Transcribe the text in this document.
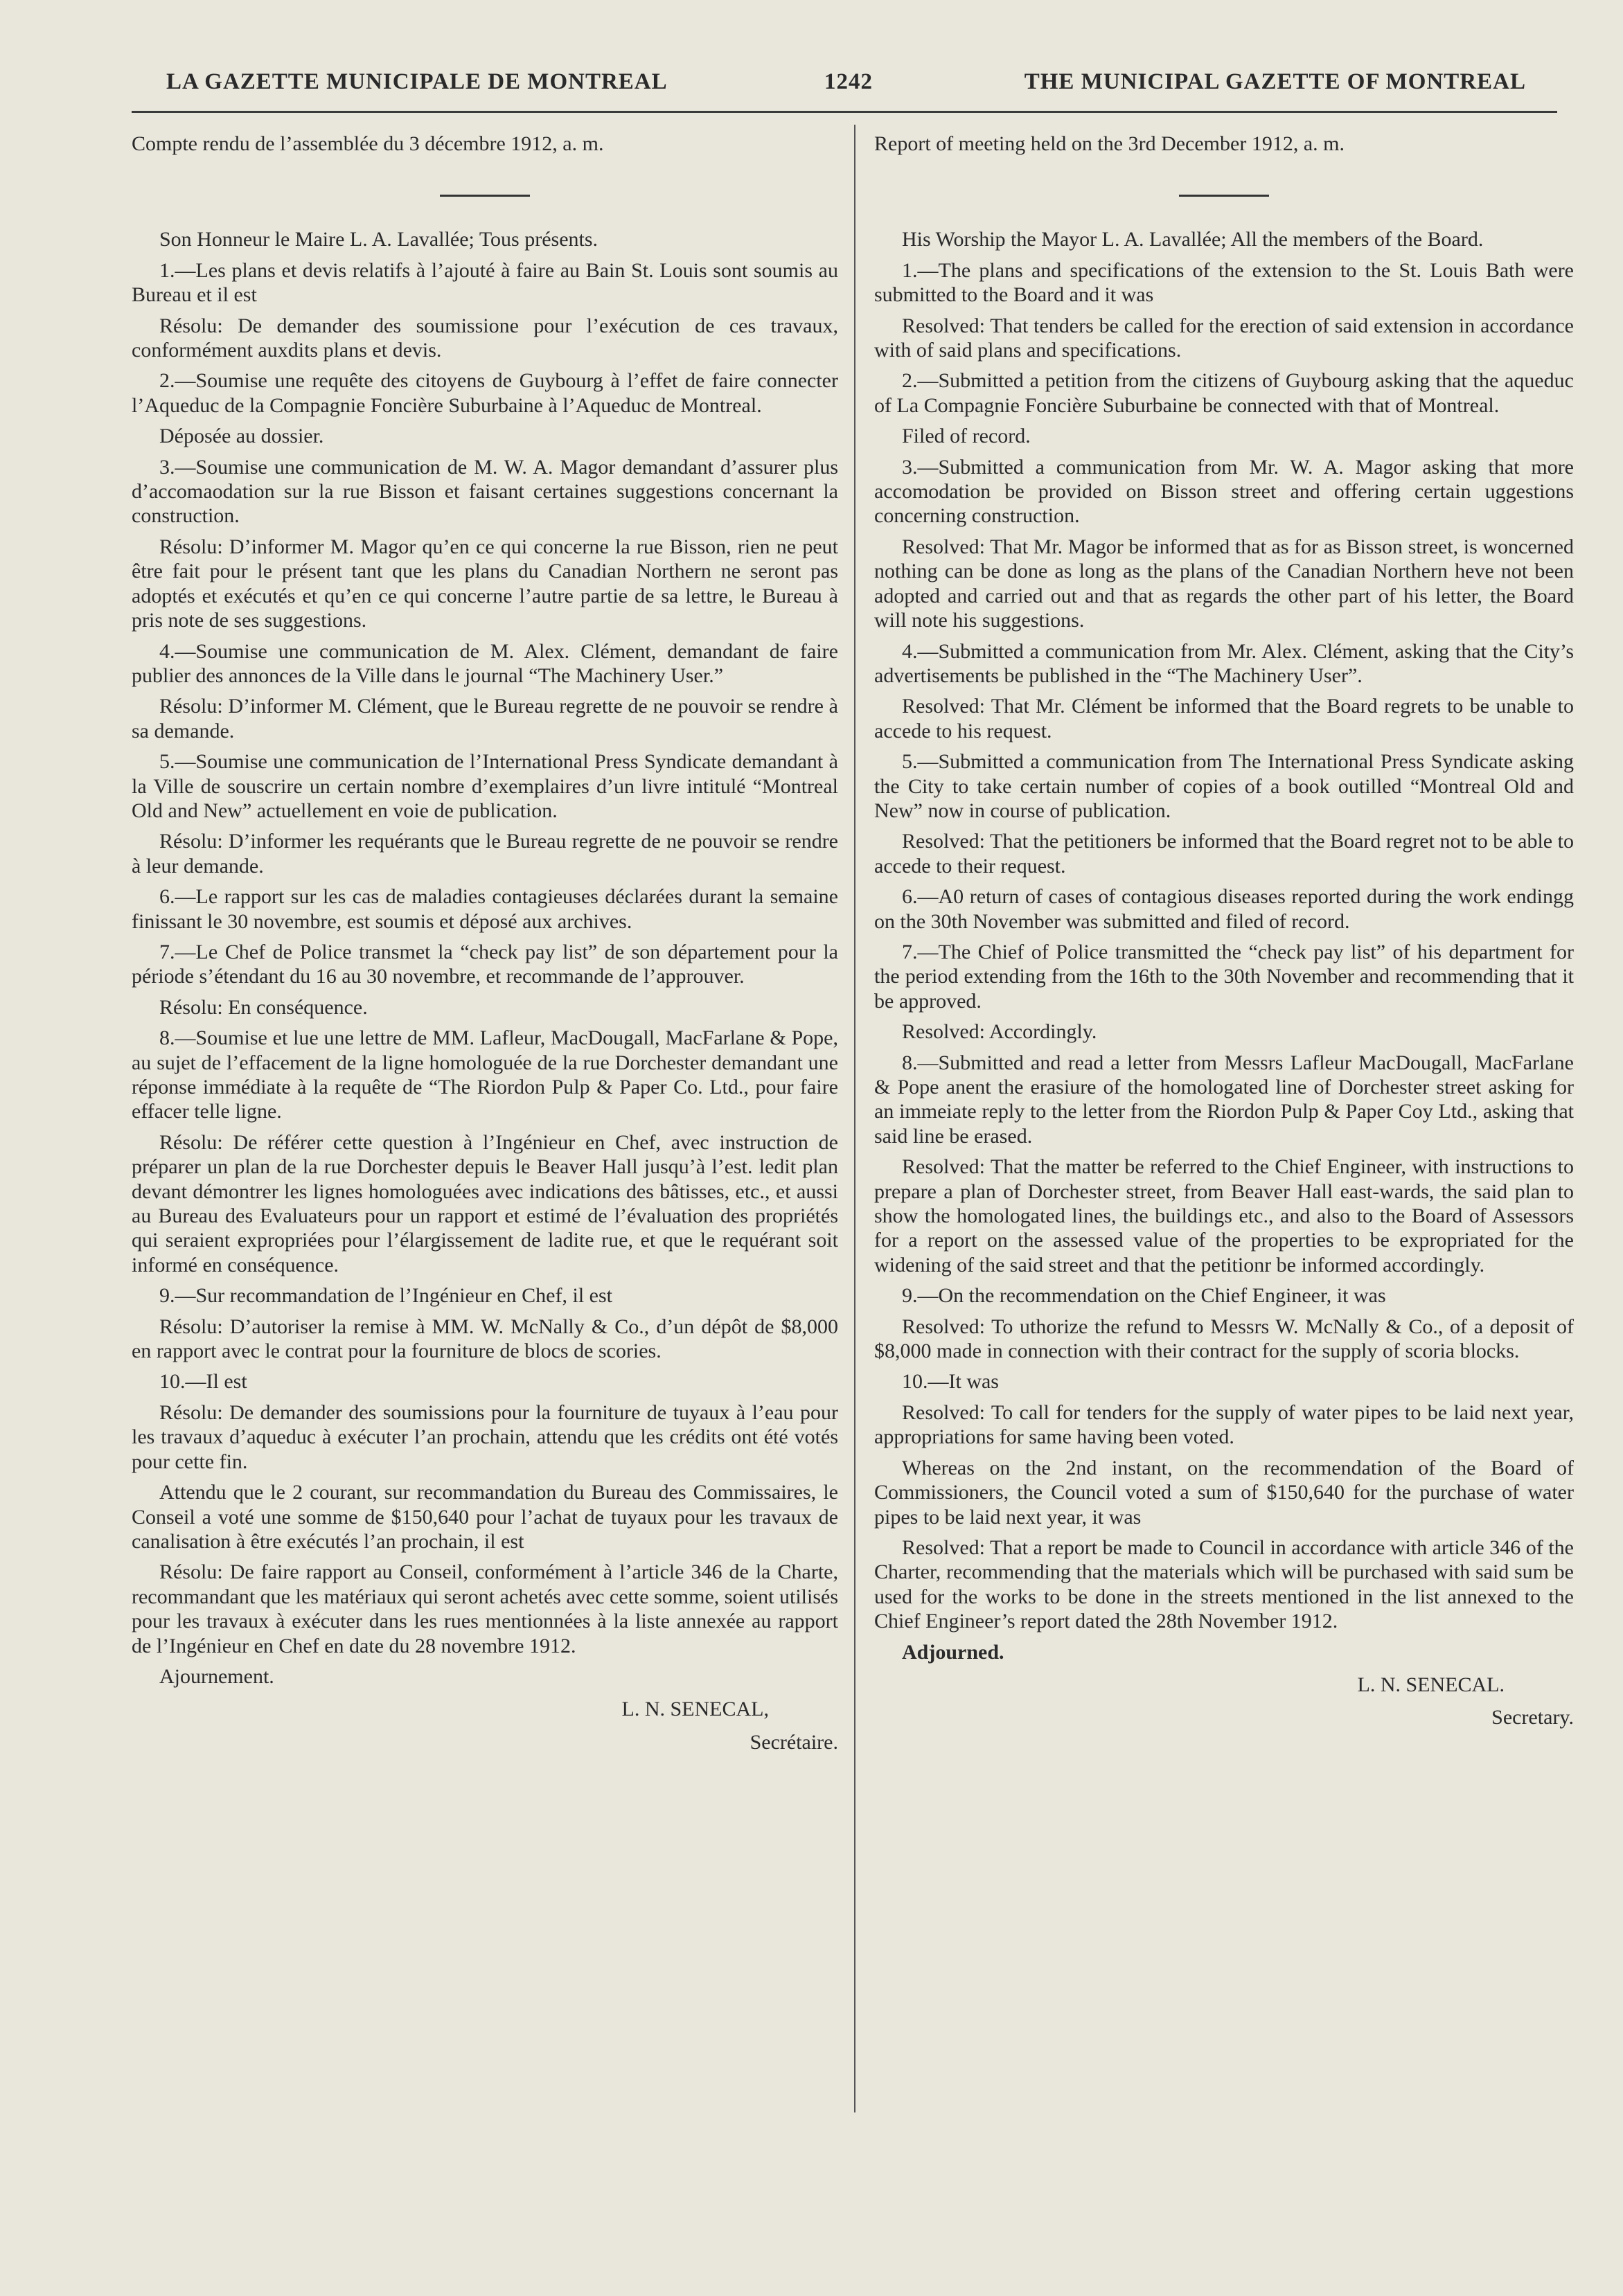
LA GAZETTE MUNICIPALE DE MONTREAL	1242	THE MUNICIPAL GAZETTE OF MONTREAL

Compte rendu de l’assemblée du 3 décembre 1912, a. m.

Son Honneur le Maire L. A. Lavallée; Tous présents.

1.—Les plans et devis relatifs à l’ajouté à faire au Bain St. Louis sont soumis au Bureau et il est

Résolu: De demander des soumissione pour l’exécution de ces travaux, conformément auxdits plans et devis.

2.—Soumise une requête des citoyens de Guybourg à l’effet de faire connecter l’Aqueduc de la Compagnie Foncière Suburbaine à l’Aqueduc de Montreal.

Déposée au dossier.

3.—Soumise une communication de M. W. A. Magor demandant d’assurer plus d’accomaodation sur la rue Bisson et faisant certaines suggestions concernant la construction.

Résolu: D’informer M. Magor qu’en ce qui concerne la rue Bisson, rien ne peut être fait pour le présent tant que les plans du Canadian Northern ne seront pas adoptés et exécutés et qu’en ce qui concerne l’autre partie de sa lettre, le Bureau à pris note de ses suggestions.

4.—Soumise une communication de M. Alex. Clément, demandant de faire publier des annonces de la Ville dans le journal “The Machinery User.”

Résolu: D’informer M. Clément, que le Bureau regrette de ne pouvoir se rendre à sa demande.

5.—Soumise une communication de l’International Press Syndicate demandant à la Ville de souscrire un certain nombre d’exemplaires d’un livre intitulé “Montreal Old and New” actuellement en voie de publication.

Résolu: D’informer les requérants que le Bureau regrette de ne pouvoir se rendre à leur demande.

6.—Le rapport sur les cas de maladies contagieuses déclarées durant la semaine finissant le 30 novembre, est soumis et déposé aux archives.

7.—Le Chef de Police transmet la “check pay list” de son département pour la période s’étendant du 16 au 30 novembre, et recommande de l’approuver.

Résolu: En conséquence.

8.—Soumise et lue une lettre de MM. Lafleur, MacDougall, MacFarlane & Pope, au sujet de l’effacement de la ligne homologuée de la rue Dorchester demandant une réponse immédiate à la requête de “The Riordon Pulp & Paper Co. Ltd., pour faire effacer telle ligne.

Résolu: De référer cette question à l’Ingénieur en Chef, avec instruction de préparer un plan de la rue Dorchester depuis le Beaver Hall jusqu’à l’est. ledit plan devant démontrer les lignes homologuées avec indications des bâtisses, etc., et aussi au Bureau des Evaluateurs pour un rapport et estimé de l’évaluation des propriétés qui seraient expropriées pour l’élargissement de ladite rue, et que le requérant soit informé en conséquence.

9.—Sur recommandation de l’Ingénieur en Chef, il est

Résolu: D’autoriser la remise à MM. W. McNally & Co., d’un dépôt de $8,000 en rapport avec le contrat pour la fourniture de blocs de scories.

10.—Il est

Résolu: De demander des soumissions pour la fourniture de tuyaux à l’eau pour les travaux d’aqueduc à exécuter l’an prochain, attendu que les crédits ont été votés pour cette fin.

Attendu que le 2 courant, sur recommandation du Bureau des Commissaires, le Conseil a voté une somme de $150,640 pour l’achat de tuyaux pour les travaux de canalisation à être exécutés l’an prochain, il est

Résolu: De faire rapport au Conseil, conformément à l’article 346 de la Charte, recommandant que les matériaux qui seront achetés avec cette somme, soient utilisés pour les travaux à exécuter dans les rues mentionnées à la liste annexée au rapport de l’Ingénieur en Chef en date du 28 novembre 1912.

Ajournement.

L. N. SENECAL,

Secrétaire.

Report of meeting held on the 3rd December 1912, a. m.

His Worship the Mayor L. A. Lavallée; All the members of the Board.

1.—The plans and specifications of the extension to the St. Louis Bath were submitted to the Board and it was

Resolved: That tenders be called for the erection of said extension in accordance with of said plans and specifications.

2.—Submitted a petition from the citizens of Guybourg asking that the aqueduc of La Compagnie Foncière Suburbaine be connected with that of Montreal.

Filed of record.

3.—Submitted a communication from Mr. W. A. Magor asking that more accomodation be provided on Bisson street and offering certain uggestions concerning construction.

Resolved: That Mr. Magor be informed that as for as Bisson street, is woncerned nothing can be done as long as the plans of the Canadian Northern heve not been adopted and carried out and that as regards the other part of his letter, the Board will note his suggestions.

4.—Submitted a communication from Mr. Alex. Clément, asking that the City’s advertisements be published in the “The Machinery User”.

Resolved: That Mr. Clément be informed that the Board regrets to be unable to accede to his request.

5.—Submitted a communication from The International Press Syndicate asking the City to take certain number of copies of a book outilled “Montreal Old and New” now in course of publication.

Resolved: That the petitioners be informed that the Board regret not to be able to accede to their request.

6.—A0 return of cases of contagious diseases reported during the work endingg on the 30th November was submitted and filed of record.

7.—The Chief of Police transmitted the “check pay list” of his department for the period extending from the 16th to the 30th November and recommending that it be approved.

Resolved: Accordingly.

8.—Submitted and read a letter from Messrs Lafleur MacDougall, MacFarlane & Pope anent the erasiure of the homologated line of Dorchester street asking for an immeiate reply to the letter from the Riordon Pulp & Paper Coy Ltd., asking that said line be erased.

Resolved: That the matter be referred to the Chief Engineer, with instructions to prepare a plan of Dorchester street, from Beaver Hall east-wards, the said plan to show the homologated lines, the buildings etc., and also to the Board of Assessors for a report on the assessed value of the properties to be expropriated for the widening of the said street and that the petitionr be informed accordingly.

9.—On the recommendation on the Chief Engineer, it was

Resolved: To uthorize the refund to Messrs W. McNally & Co., of a deposit of $8,000 made in connection with their contract for the supply of scoria blocks.

10.—It was

Resolved: To call for tenders for the supply of water pipes to be laid next year, appropriations for same having been voted.

Whereas on the 2nd instant, on the recommendation of the Board of Commissioners, the Council voted a sum of $150,640 for the purchase of water pipes to be laid next year, it was

Resolved: That a report be made to Council in accordance with article 346 of the Charter, recommending that the materials which will be purchased with said sum be used for the works to be done in the streets mentioned in the list annexed to the Chief Engineer’s report dated the 28th November 1912.

Adjourned.

L. N. SENECAL.

Secretary.
